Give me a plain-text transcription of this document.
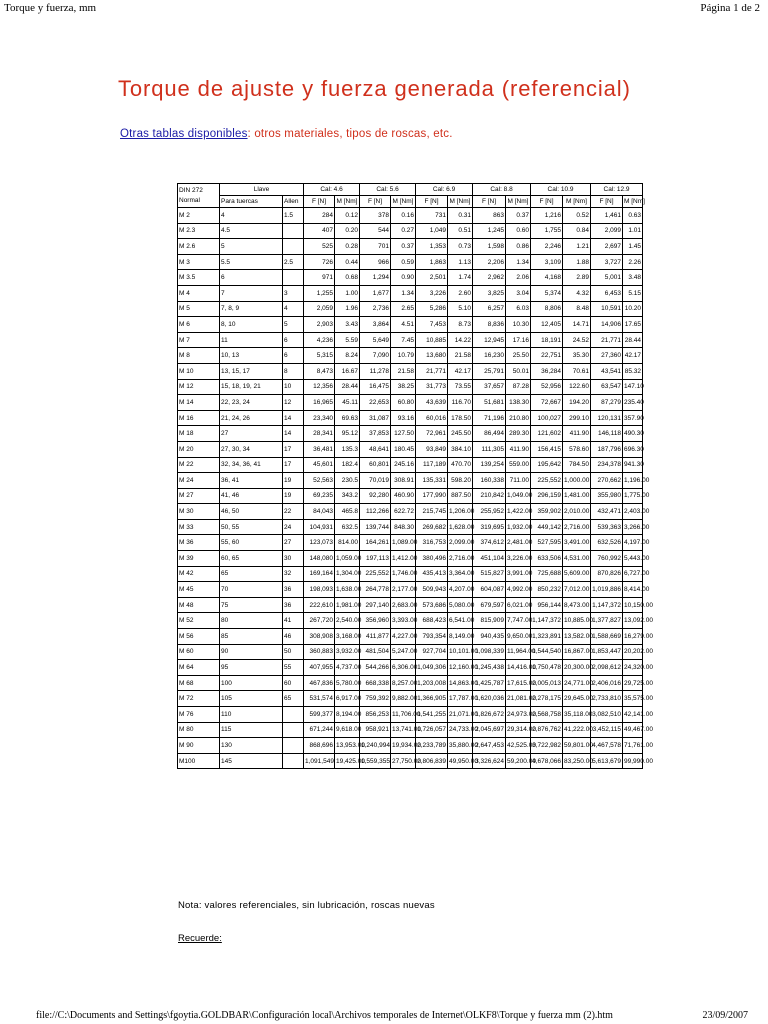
Torque y fuerza, mm	Página 1 de 2
Torque de ajuste y fuerza generada (referencial)
Otras tablas disponibles: otros materiales, tipos de roscas, etc.
DIN 272 Normal	Llave		Cal: 4.6		Cal: 5.6		Cal: 6.9		Cal: 8.8		Cal: 10.9		Cal: 12.9	
	Para tuercas	Allen	F [N]	M [Nm]	F [N]	M [Nm]	F [N]	M [Nm]	F [N]	M [Nm]	F [N]	M [Nm]	F [N]	M [Nm]
M 2	4	1.5	284	0.12	378	0.16	731	0.31	863	0.37	1,216	0.52	1,461	0.63
M 2.3	4.5		407	0.20	544	0.27	1,049	0.51	1,245	0.60	1,755	0.84	2,099	1.01
M 2.6	5		525	0.28	701	0.37	1,353	0.73	1,598	0.86	2,246	1.21	2,697	1.45
M 3	5.5	2.5	726	0.44	966	0.59	1,863	1.13	2,206	1.34	3,109	1.88	3,727	2.26
M 3.5	6		971	0.68	1,294	0.90	2,501	1.74	2,962	2.06	4,168	2.89	5,001	3.48
M 4	7	3	1,255	1.00	1,677	1.34	3,226	2.60	3,825	3.04	5,374	4.32	6,453	5.15
M 5	7, 8, 9	4	2,059	1.96	2,736	2.65	5,286	5.10	6,257	6.03	8,806	8.48	10,591	10.20
M 6	8, 10	5	2,903	3.43	3,864	4.51	7,453	8.73	8,836	10.30	12,405	14.71	14,906	17.65
M 7	11	6	4,236	5.59	5,649	7.45	10,885	14.22	12,945	17.16	18,191	24.52	21,771	28.44
M 8	10, 13	6	5,315	8.24	7,090	10.79	13,680	21.58	16,230	25.50	22,751	35.30	27,360	42.17
M 10	13, 15, 17	8	8,473	16.67	11,278	21.58	21,771	42.17	25,791	50.01	36,284	70.61	43,541	85.32
M 12	15, 18, 19, 21	10	12,356	28.44	16,475	38.25	31,773	73.55	37,657	87.28	52,956	122.60	63,547	147.10
M 14	22, 23, 24	12	16,965	45.11	22,653	60.80	43,639	116.70	51,681	138.30	72,667	194.20	87,279	235.40
M 16	21, 24, 26	14	23,340	69.63	31,087	93.16	60,016	178.50	71,196	210.80	100,027	299.10	120,131	357.90
M 18	27	14	28,341	95.12	37,853	127.50	72,961	245.50	86,494	289.30	121,602	411.90	146,118	490.30
M 20	27, 30, 34	17	36,481	135.3	48,641	180.45	93,849	384.10	111,305	411.90	156,415	578.60	187,796	696.30
M 22	32, 34, 36, 41	17	45,601	182.4	60,801	245.16	117,189	470.70	139,254	559.00	195,642	784.50	234,378	941.30
M 24	36, 41	19	52,563	230.5	70,019	308.91	135,331	598.20	160,338	711.00	225,552	1,000.00	270,662	1,196.00
M 27	41, 46	19	69,235	343.2	92,280	460.90	177,990	887.50	210,842	1,049.00	296,159	1,481.00	355,980	1,775.00
M 30	46, 50	22	84,043	465.8	112,266	622.72	215,745	1,206.00	255,952	1,422.00	359,902	2,010.00	432,471	2,403.00
M 33	50, 55	24	104,931	632.5	139,744	848.30	269,682	1,628.00	319,695	1,932.00	449,142	2,716.00	539,363	3,266.00
M 36	55, 60	27	123,073	814.00	164,261	1,089.00	316,753	2,099.00	374,612	2,481.00	527,595	3,491.00	632,526	4,197.00
M 39	60, 65	30	148,080	1,059.00	197,113	1,412.00	380,496	2,716.00	451,104	3,226.00	633,506	4,531.00	760,992	5,443.00
M 42	65	32	169,164	1,304.00	225,552	1,746.00	435,413	3,364.00	515,827	3,991.00	725,688	5,609.00	870,826	6,727.00
M 45	70	36	198,093	1,638.00	264,778	2,177.00	509,943	4,207.00	604,087	4,992.00	850,232	7,012.00	1,019,886	8,414.00
M 48	75	36	222,610	1,981.00	297,140	2,683.00	573,686	5,080.00	679,597	6,021.00	956,144	8,473.00	1,147,372	10,150.00
M 52	80	41	267,720	2,540.00	356,960	3,393.00	688,423	6,541.00	815,909	7,747.00	1,147,372	10,885.00	1,377,827	13,092.00
M 56	85	46	308,908	3,168.00	411,877	4,227.00	793,354	8,149.00	940,435	9,650.00	1,323,891	13,582.00	1,588,669	16,279.00
M 60	90	50	360,883	3,932.00	481,504	5,247.00	927,704	10,101.00	1,098,339	11,964.00	1,544,540	16,867.00	1,853,447	20,202.00
M 64	95	55	407,955	4,737.00	544,266	6,306.00	1,049,306	12,160.00	1,245,438	14,416.00	1,750,478	20,300.00	2,098,612	24,320.00
M 68	100	60	467,836	5,780.00	668,338	8,257.00	1,203,008	14,863.00	1,425,787	17,615.00	2,005,013	24,771.00	2,406,016	29,725.00
M 72	105	65	531,574	6,917.00	759,392	9,882.00	1,366,905	17,787.00	1,620,036	21,081.00	2,278,175	29,645.00	2,733,810	35,575.00
M 76	110		599,377	8,194.00	856,253	11,706.00	1,541,255	21,071.00	1,826,672	24,973.00	2,568,758	35,118.00	3,082,510	42,141.00
M 80	115		671,244	9,618.00	958,921	13,741.00	1,726,057	24,733.00	2,045,697	29,314.00	2,876,762	41,222.00	3,452,115	49,467.00
M 90	130		868,696	13,953.00	1,240,994	19,934.00	2,233,789	35,880.00	2,647,453	42,525.00	3,722,982	59,801.00	4,467,578	71,761.00
M100	145		1,091,549	19,425.00	1,559,355	27,750.00	2,806,839	49,950.00	3,326,624	59,200.00	4,678,066	83,250.00	5,613,679	99,990.00
Nota: valores referenciales, sin lubricación, roscas nuevas
Recuerde:
file://C:\Documents and Settings\fgoytia.GOLDBAR\Configuración local\Archivos temporales de Internet\OLKF8\Torque y fuerza mm (2).htm	23/09/2007
